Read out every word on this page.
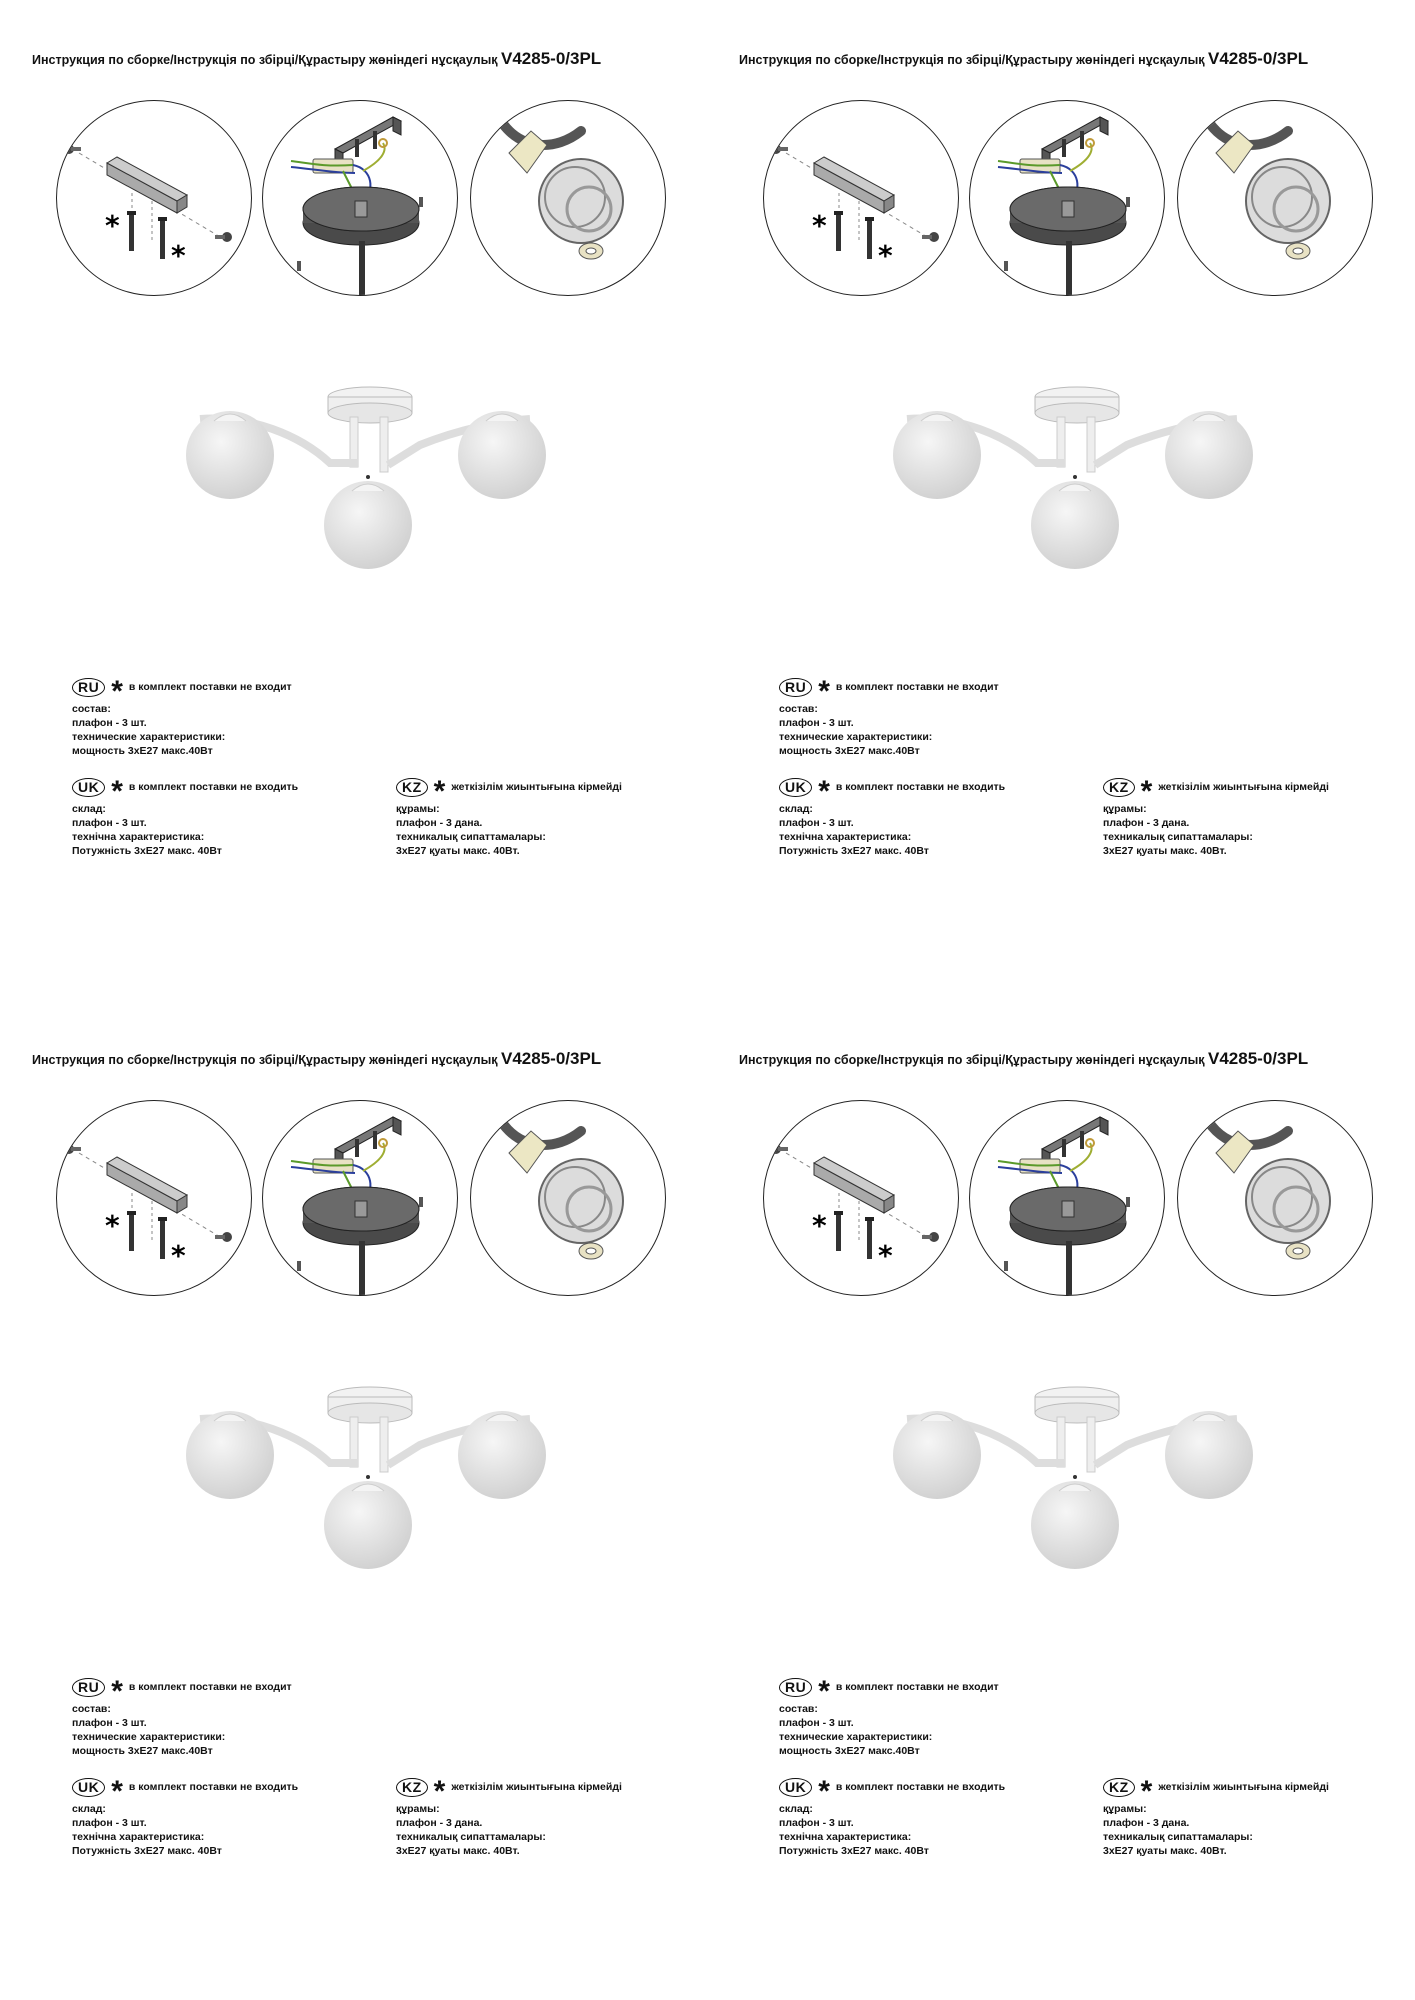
Инструкция по сборке/Інструкція по збірці/Құрастыру жөніндегі нұсқаулық V4285-0/3PL
*
*
RU * в комплект поставки не входит
состав:
плафон - 3 шт.
технические характеристики:
мощность 3хЕ27 макс.40Вт
UK * в комплект поставки не входить
склад:
плафон - 3 шт.
технічна характеристика:
Потужність 3хЕ27 макс. 40Вт
KZ * жеткізілім жиынтығына кірмейді
құрамы:
плафон - 3 дана.
техникалық сипаттамалары:
3хЕ27 қуаты макс. 40Вт.
Инструкция по сборке/Інструкція по збірці/Құрастыру жөніндегі нұсқаулық V4285-0/3PL
*
*
RU * в комплект поставки не входит
состав:
плафон - 3 шт.
технические характеристики:
мощность 3хЕ27 макс.40Вт
UK * в комплект поставки не входить
склад:
плафон - 3 шт.
технічна характеристика:
Потужність 3хЕ27 макс. 40Вт
KZ * жеткізілім жиынтығына кірмейді
құрамы:
плафон - 3 дана.
техникалық сипаттамалары:
3хЕ27 қуаты макс. 40Вт.
Инструкция по сборке/Інструкція по збірці/Құрастыру жөніндегі нұсқаулық V4285-0/3PL
*
*
RU * в комплект поставки не входит
состав:
плафон - 3 шт.
технические характеристики:
мощность 3хЕ27 макс.40Вт
UK * в комплект поставки не входить
склад:
плафон - 3 шт.
технічна характеристика:
Потужність 3хЕ27 макс. 40Вт
KZ * жеткізілім жиынтығына кірмейді
құрамы:
плафон - 3 дана.
техникалық сипаттамалары:
3хЕ27 қуаты макс. 40Вт.
Инструкция по сборке/Інструкція по збірці/Құрастыру жөніндегі нұсқаулық V4285-0/3PL
*
*
RU * в комплект поставки не входит
состав:
плафон - 3 шт.
технические характеристики:
мощность 3хЕ27 макс.40Вт
UK * в комплект поставки не входить
склад:
плафон - 3 шт.
технічна характеристика:
Потужність 3хЕ27 макс. 40Вт
KZ * жеткізілім жиынтығына кірмейді
құрамы:
плафон - 3 дана.
техникалық сипаттамалары:
3хЕ27 қуаты макс. 40Вт.
